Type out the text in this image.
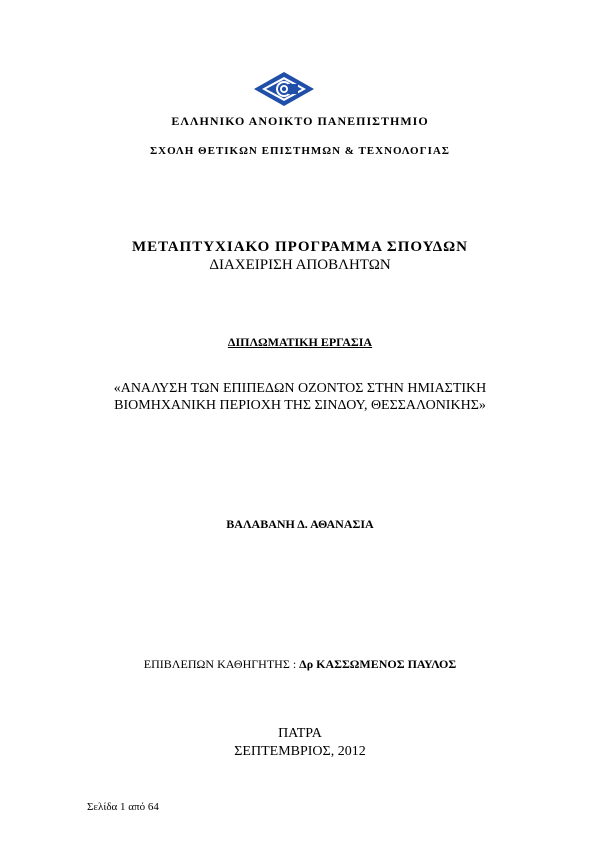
ΕΛΛΗΝΙΚΟ ΑΝΟΙΚΤΟ ΠΑΝΕΠΙΣΤΗΜΙΟ
ΣΧΟΛΗ ΘΕΤΙΚΩΝ ΕΠΙΣΤΗΜΩΝ & ΤΕΧΝΟΛΟΓΙΑΣ
ΜΕΤΑΠΤΥΧΙΑΚΟ ΠΡΟΓΡΑΜΜΑ ΣΠΟΥΔΩΝ
ΔΙΑΧΕΙΡΙΣΗ ΑΠΟΒΛΗΤΩΝ
ΔΙΠΛΩΜΑΤΙΚΗ ΕΡΓΑΣΙΑ
«ΑΝΑΛΥΣΗ ΤΩΝ ΕΠΙΠΕΔΩΝ ΟΖΟΝΤΟΣ ΣΤΗΝ ΗΜΙΑΣΤΙΚΗ
ΒΙΟΜΗΧΑΝΙΚΗ ΠΕΡΙΟΧΗ ΤΗΣ ΣΙΝΔΟΥ, ΘΕΣΣΑΛΟΝΙΚΗΣ»
ΒΑΛΑΒΑΝΗ Δ. ΑΘΑΝΑΣΙΑ
ΕΠΙΒΛΕΠΩΝ ΚΑΘΗΓΗΤΗΣ : Δρ ΚΑΣΣΩΜΕΝΟΣ ΠΑΥΛΟΣ
ΠΑΤΡΑ
ΣΕΠΤΕΜΒΡΙΟΣ, 2012
Σελίδα 1 από 64
